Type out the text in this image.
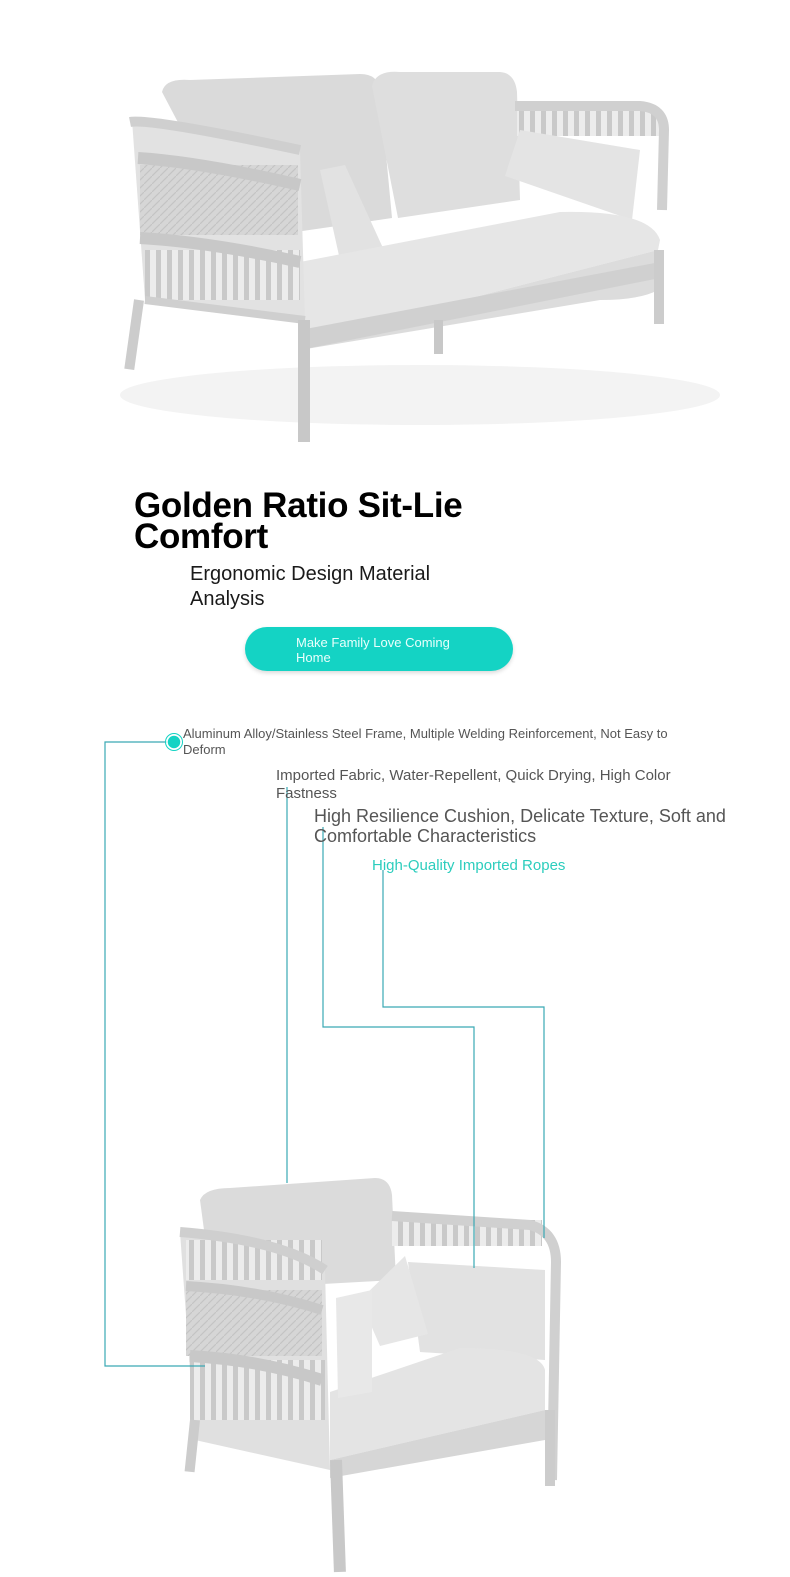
Golden Ratio Sit-Lie Comfort

Ergonomic Design Material Analysis

Make Family Love Coming Home

Aluminum Alloy/Stainless Steel Frame, Multiple Welding Reinforcement, Not Easy to Deform

Imported Fabric, Water-Repellent, Quick Drying, High Color Fastness

High Resilience Cushion, Delicate Texture, Soft and Comfortable Characteristics

High-Quality Imported Ropes
